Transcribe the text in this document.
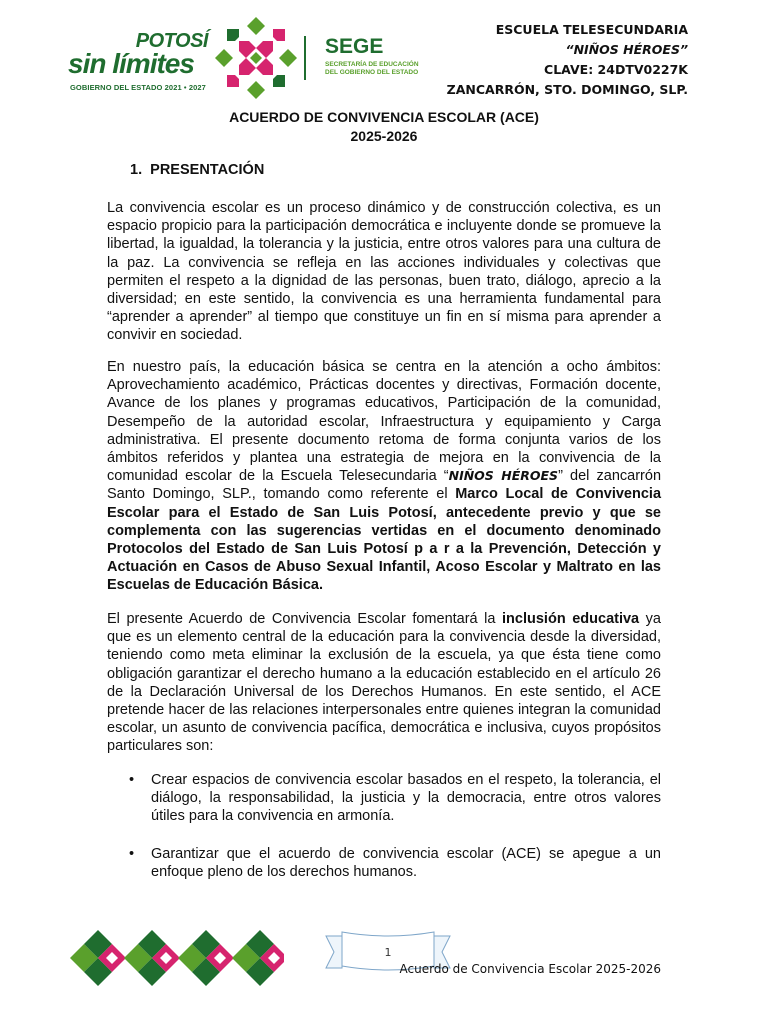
POTOSÍ
sin límites
GOBIERNO DEL ESTADO 2021 • 2027
SEGE
SECRETARÍA DE EDUCACIÓN
DEL GOBIERNO DEL ESTADO
ESCUELA TELESECUNDARIA
“NIÑOS HÉROES”
CLAVE: 24DTV0227K
ZANCARRÓN, STO. DOMINGO, SLP.
ACUERDO DE CONVIVENCIA ESCOLAR (ACE)
2025-2026
1. PRESENTACIÓN

La convivencia escolar es un proceso dinámico y de construcción colectiva, es un espacio propicio para la participación democrática e incluyente donde se promueve la libertad, la igualdad, la tolerancia y la justicia, entre otros valores para una cultura de la paz. La convivencia se refleja en las acciones individuales y colectivas que permiten el respeto a la dignidad de las personas, buen trato, diálogo, aprecio a la diversidad; en este sentido, la convivencia es una herramienta fundamental para “aprender a aprender” al tiempo que constituye un fin en sí misma para aprender a convivir en sociedad.

En nuestro país, la educación básica se centra en la atención a ocho ámbitos: Aprovechamiento académico, Prácticas docentes y directivas, Formación docente, Avance de los planes y programas educativos, Participación de la comunidad, Desempeño de la autoridad escolar, Infraestructura y equipamiento y Carga administrativa. El presente documento retoma de forma conjunta varios de los ámbitos referidos y plantea una estrategia de mejora en la convivencia de la comunidad escolar de la Escuela Telesecundaria “NIÑOS HÉROES” del zancarrón Santo Domingo, SLP., tomando como referente el Marco Local de Convivencia Escolar para el Estado de San Luis Potosí, antecedente previo y que se complementa con las sugerencias vertidas en el documento denominado Protocolos del Estado de San Luis Potosí p a r a la Prevención, Detección y Actuación en Casos de Abuso Sexual Infantil, Acoso Escolar y Maltrato en las Escuelas de Educación Básica.

El presente Acuerdo de Convivencia Escolar fomentará la inclusión educativa ya que es un elemento central de la educación para la convivencia desde la diversidad, teniendo como meta eliminar la exclusión de la escuela, ya que ésta tiene como obligación garantizar el derecho humano a la educación establecido en el artículo 26 de la Declaración Universal de los Derechos Humanos. En este sentido, el ACE pretende hacer de las relaciones interpersonales entre quienes integran la comunidad escolar, un asunto de convivencia pacífica, democrática e inclusiva, cuyos propósitos particulares son:

• Crear espacios de convivencia escolar basados en el respeto, la tolerancia, el diálogo, la responsabilidad, la justicia y la democracia, entre otros valores útiles para la convivencia en armonía.
• Garantizar que el acuerdo de convivencia escolar (ACE) se apegue a un enfoque pleno de los derechos humanos.
1
Acuerdo de Convivencia Escolar 2025-2026
